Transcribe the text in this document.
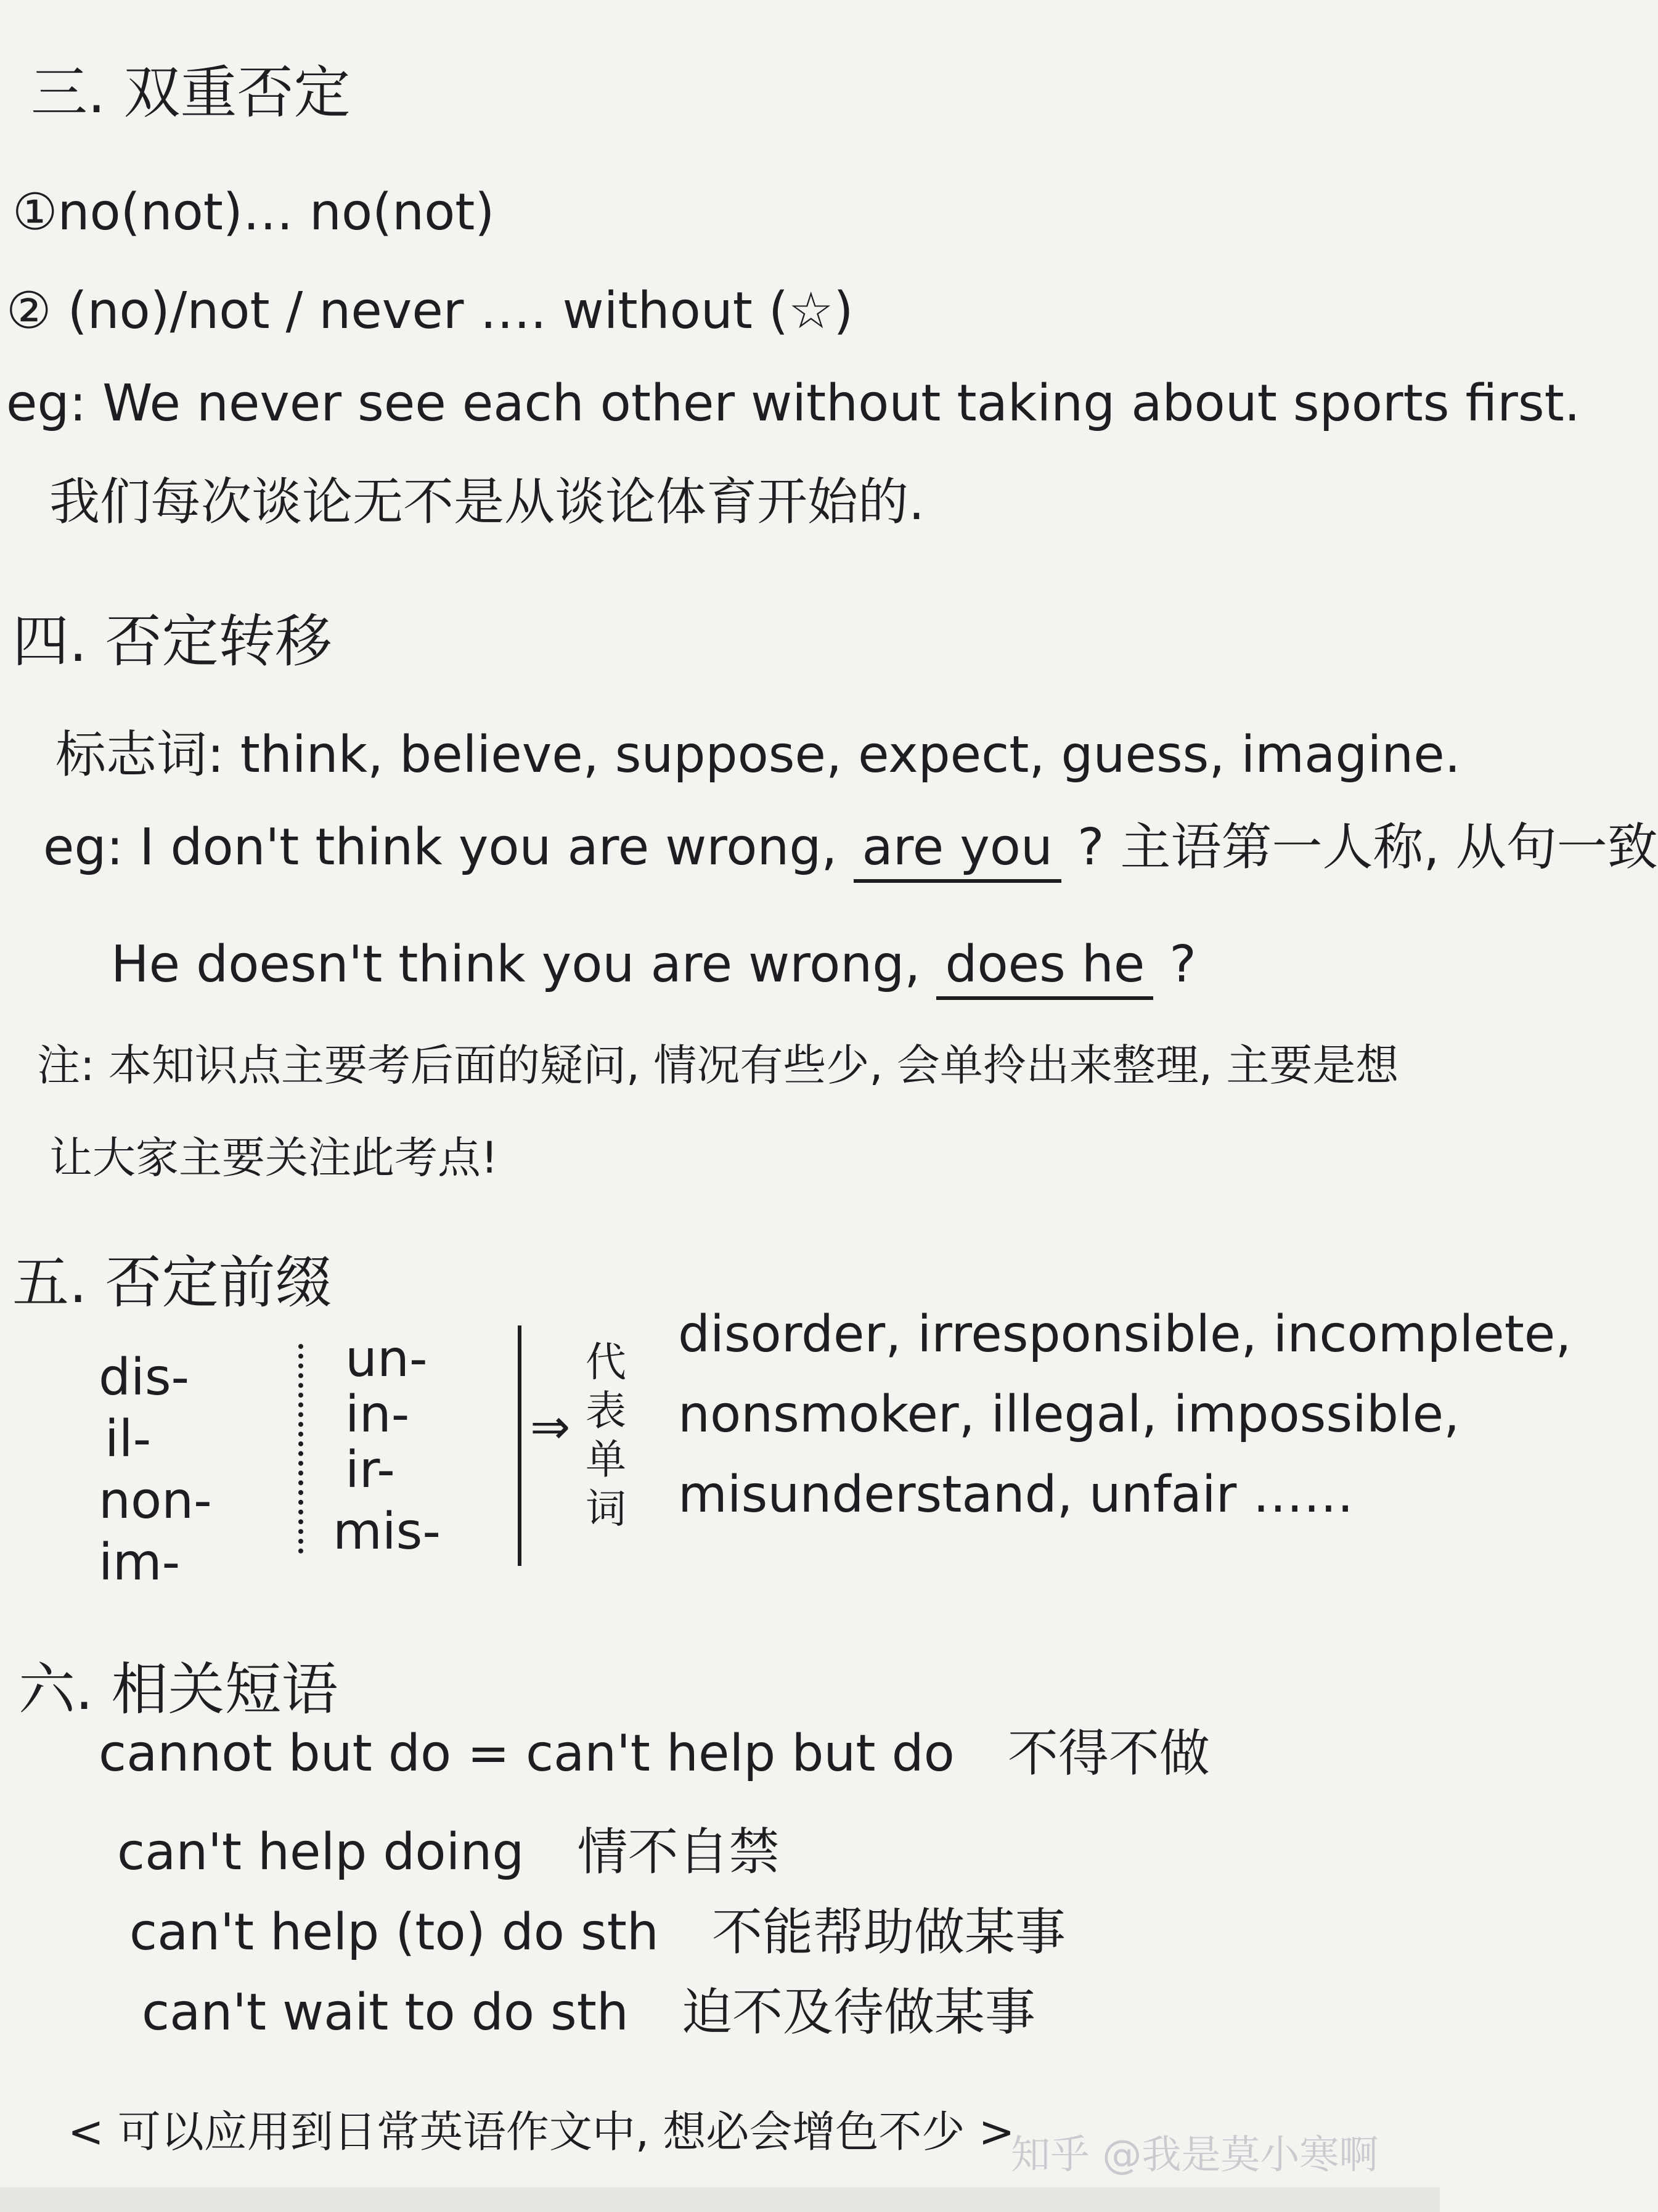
三. 双重否定
①no(not)… no(not)
② (no)/not / never …. without (☆)
eg: We never see each other without taking about sports first.
我们每次谈论无不是从谈论体育开始的.
四. 否定转移
标志词: think, believe, suppose, expect, guess, imagine.
eg: I don't think you are wrong, are you ? 主语第一人称, 从句一致
He doesn't think you are wrong, does he ?
注: 本知识点主要考后面的疑问, 情况有些少, 会单拎出来整理, 主要是想
让大家主要关注此考点!
五. 否定前缀
dis-
il-
non-
im-
un-
in-
ir-
mis-
⇒
代
表
单
词
disorder, irresponsible, incomplete,
nonsmoker, illegal, impossible,
misunderstand, unfair ……
六. 相关短语
cannot but do = can't help but do 不得不做
can't help doing 情不自禁
can't help (to) do sth 不能帮助做某事
can't wait to do sth 迫不及待做某事
< 可以应用到日常英语作文中, 想必会增色不少 >
知乎 @我是莫小寒啊
